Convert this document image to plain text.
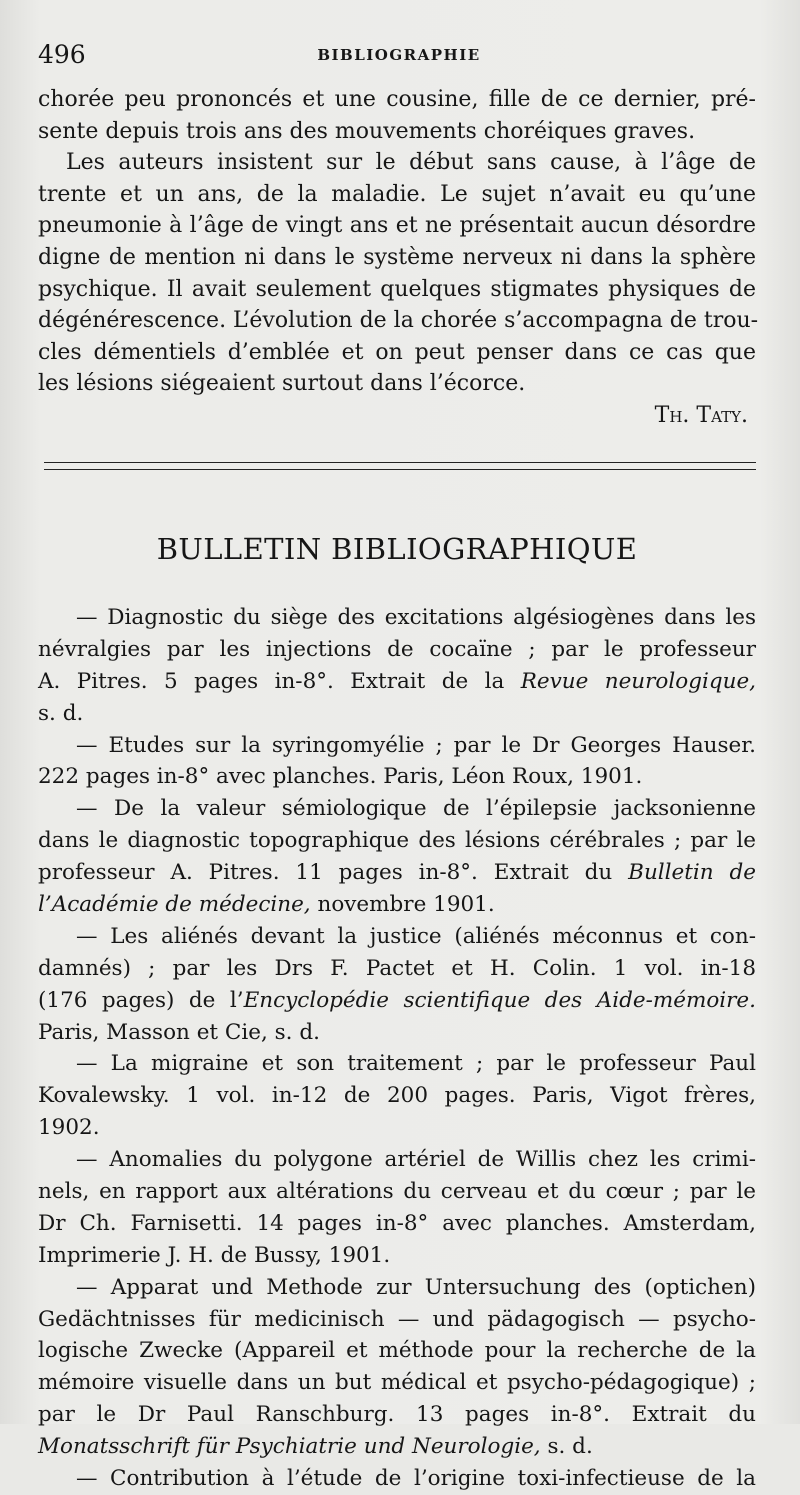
496	BIBLIOGRAPHIE
chorée peu prononcés et une cousine, fille de ce dernier, pré-
sente depuis trois ans des mouvements choréiques graves.
Les auteurs insistent sur le début sans cause, à l’âge de
trente et un ans, de la maladie. Le sujet n’avait eu qu’une
pneumonie à l’âge de vingt ans et ne présentait aucun désordre
digne de mention ni dans le système nerveux ni dans la sphère
psychique. Il avait seulement quelques stigmates physiques de
dégénérescence. L’évolution de la chorée s’accompagna de trou-
cles démentiels d’emblée et on peut penser dans ce cas que
les lésions siégeaient surtout dans l’écorce.
Th. Taty.
BULLETIN BIBLIOGRAPHIQUE
— Diagnostic du siège des excitations algésiogènes dans les
névralgies par les injections de cocaïne ; par le professeur
A. Pitres. 5 pages in-8°. Extrait de la Revue neurologique,
s. d.
— Etudes sur la syringomyélie ; par le Dr Georges Hauser.
222 pages in-8° avec planches. Paris, Léon Roux, 1901.
— De la valeur sémiologique de l’épilepsie jacksonienne
dans le diagnostic topographique des lésions cérébrales ; par le
professeur A. Pitres. 11 pages in-8°. Extrait du Bulletin de
l’Académie de médecine, novembre 1901.
— Les aliénés devant la justice (aliénés méconnus et con-
damnés) ; par les Drs F. Pactet et H. Colin. 1 vol. in-18
(176 pages) de l’Encyclopédie scientifique des Aide-mémoire.
Paris, Masson et Cie, s. d.
— La migraine et son traitement ; par le professeur Paul
Kovalewsky. 1 vol. in-12 de 200 pages. Paris, Vigot frères,
1902.
— Anomalies du polygone artériel de Willis chez les crimi-
nels, en rapport aux altérations du cerveau et du cœur ; par le
Dr Ch. Farnisetti. 14 pages in-8° avec planches. Amsterdam,
Imprimerie J. H. de Bussy, 1901.
— Apparat und Methode zur Untersuchung des (optichen)
Gedächtnisses für medicinisch — und pädagogisch — psycho-
logische Zwecke (Appareil et méthode pour la recherche de la
mémoire visuelle dans un but médical et psycho-pédagogique) ;
par le Dr Paul Ranschburg. 13 pages in-8°. Extrait du
Monatsschrift für Psychiatrie und Neurologie, s. d.
— Contribution à l’étude de l’origine toxi-infectieuse de la
